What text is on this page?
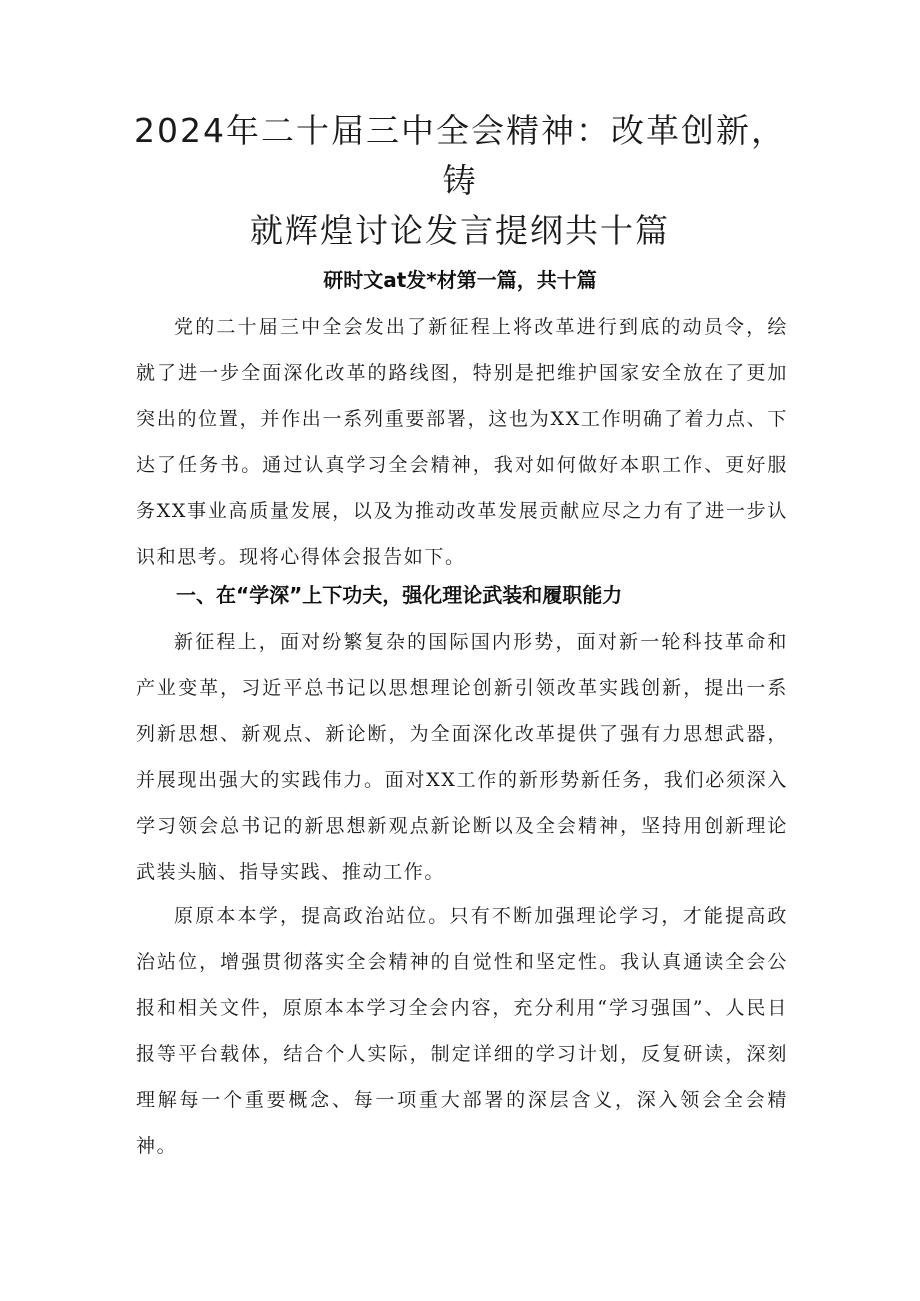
2024年二十届三中全会精神：改革创新，铸
就辉煌讨论发言提纲共十篇
研时文at发*材第一篇，共十篇

党的二十届三中全会发出了新征程上将改革进行到底的动员令，绘就了进一步全面深化改革的路线图，特别是把维护国家安全放在了更加突出的位置，并作出一系列重要部署，这也为XX工作明确了着力点、下达了任务书。通过认真学习全会精神，我对如何做好本职工作、更好服务XX事业高质量发展，以及为推动改革发展贡献应尽之力有了进一步认识和思考。现将心得体会报告如下。

一、在“学深”上下功夫，强化理论武装和履职能力

新征程上，面对纷繁复杂的国际国内形势，面对新一轮科技革命和产业变革，习近平总书记以思想理论创新引领改革实践创新，提出一系列新思想、新观点、新论断，为全面深化改革提供了强有力思想武器，并展现出强大的实践伟力。面对XX工作的新形势新任务，我们必须深入学习领会总书记的新思想新观点新论断以及全会精神，坚持用创新理论武装头脑、指导实践、推动工作。

原原本本学，提高政治站位。只有不断加强理论学习，才能提高政治站位，增强贯彻落实全会精神的自觉性和坚定性。我认真通读全会公报和相关文件，原原本本学习全会内容，充分利用“学习强国”、人民日报等平台载体，结合个人实际，制定详细的学习计划，反复研读，深刻理解每一个重要概念、每一项重大部署的深层含义，深入领会全会精神。
